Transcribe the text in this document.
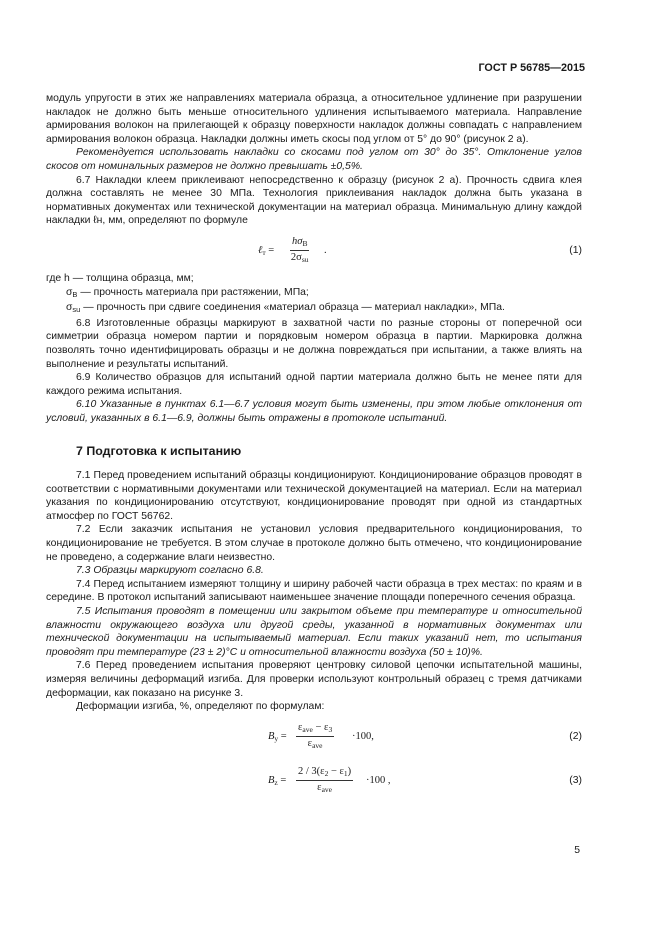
ГОСТ Р 56785—2015

модуль упругости в этих же направлениях материала образца, а относительное удлинение при разрушении накладок не должно быть меньше относительного удлинения испытываемого материала. Направление армирования волокон на прилегающей к образцу поверхности накладок должны совпадать с направлением армирования волокон образца. Накладки должны иметь скосы под углом от 5° до 90° (рисунок 2 а).

Рекомендуется использовать накладки со скосами под углом от 30° до 35°. Отклонение углов скосов от номинальных размеров не должно превышать ±0,5%.

6.7 Накладки клеем приклеивают непосредственно к образцу (рисунок 2 а). Прочность сдвига клея должна составлять не менее 30 МПа. Технология приклеивания накладок должна быть указана в нормативных документах или технической документации на материал образца. Минимальную длину каждой накладки ℓн, мм, определяют по формуле

ℓ$_т$ =
$h\sigma_B$
$2\sigma_{su}$
.	(1)

где h — толщина образца, мм;

$\sigma_B$ — прочность материала при растяжении, МПа;

$\sigma_{su}$ — прочность при сдвиге соединения «материал образца — материал накладки», МПа.

6.8 Изготовленные образцы маркируют в захватной части по разные стороны от поперечной оси симметрии образца номером партии и порядковым номером образца в партии. Маркировка должна позволять точно идентифицировать образцы и не должна повреждаться при испытании, а также влиять на выполнение и результаты испытаний.

6.9 Количество образцов для испытаний одной партии материала должно быть не менее пяти для каждого режима испытания.

6.10 Указанные в пунктах 6.1—6.7 условия могут быть изменены, при этом любые отклонения от условий, указанных в 6.1—6.9, должны быть отражены в протоколе испытаний.

7 Подготовка к испытанию

7.1 Перед проведением испытаний образцы кондиционируют. Кондиционирование образцов проводят в соответствии с нормативными документами или технической документацией на материал. Если на материал указания по кондиционированию отсутствуют, кондиционирование проводят при одной из стандартных атмосфер по ГОСТ 56762.

7.2 Если заказчик испытания не установил условия предварительного кондиционирования, то кондиционирование не требуется. В этом случае в протоколе должно быть отмечено, что кондиционирование не проведено, а содержание влаги неизвестно.

7.3 Образцы маркируют согласно 6.8.

7.4 Перед испытанием измеряют толщину и ширину рабочей части образца в трех местах: по краям и в середине. В протокол испытаний записывают наименьшее значение площади поперечного сечения образца.

7.5 Испытания проводят в помещении или закрытом объеме при температуре и относительной влажности окружающего воздуха или другой среды, указанной в нормативных документах или технической документации на испытываемый материал. Если таких указаний нет, то испытания проводят при температуре (23 ± 2)°С и относительной влажности воздуха (50 ± 10)%.

7.6 Перед проведением испытания проверяют центровку силовой цепочки испытательной машины, измеряя величины деформаций изгиба. Для проверки используют контрольный образец с тремя датчиками деформации, как показано на рисунке 3.

Деформации изгиба, %, определяют по формулам:

$B_y$ =
$\varepsilon_{ave} - \varepsilon_3$
$\varepsilon_{ave}$
·100,	(2)
$B_z$ =
$2 / 3(\varepsilon_2 - \varepsilon_1)$
$\varepsilon_{ave}$
·100 ,	(3)
5
